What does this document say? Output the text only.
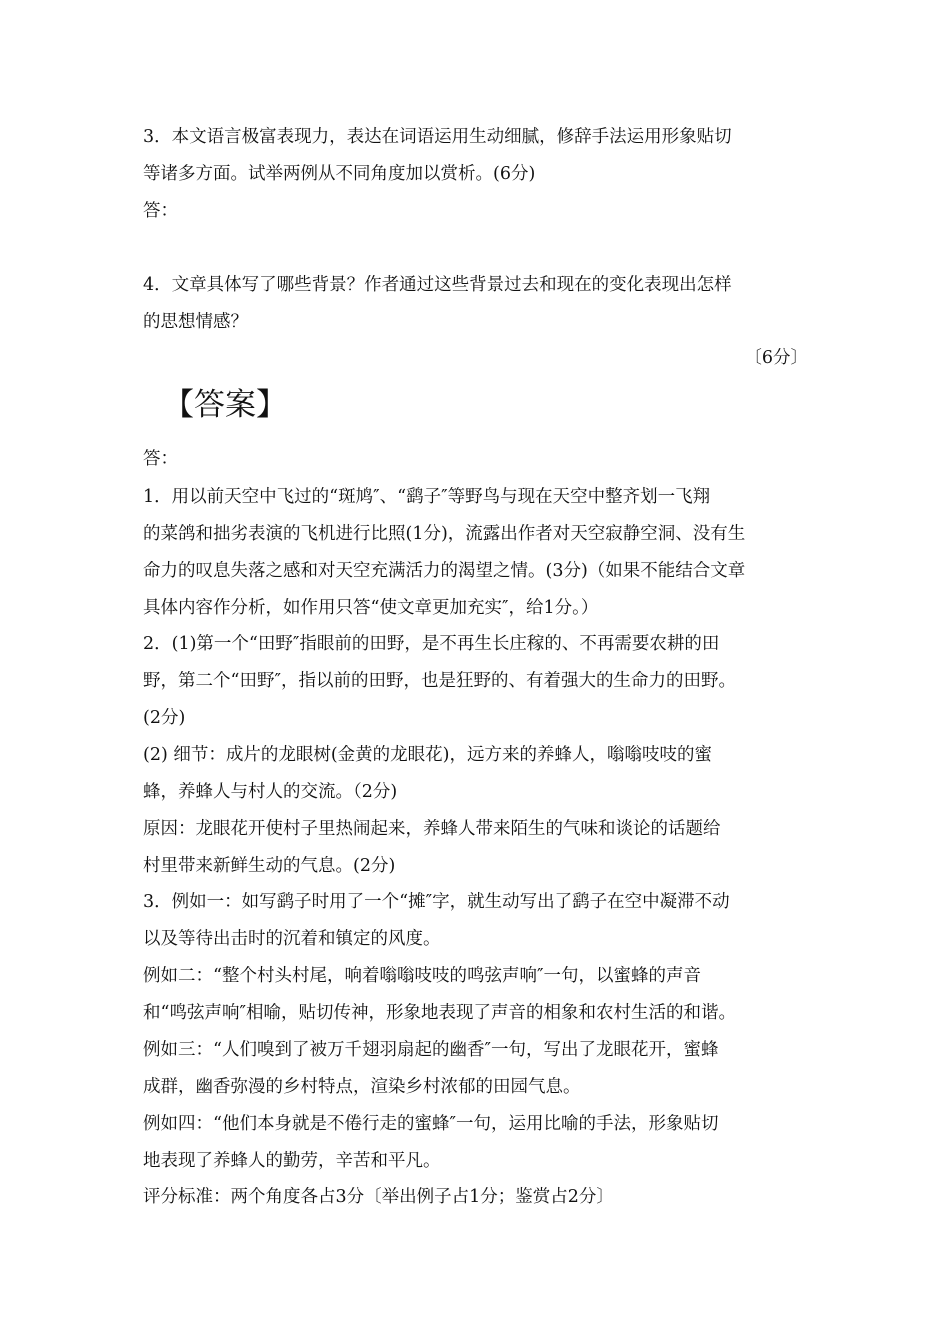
3．本文语言极富表现力，表达在词语运用生动细腻，修辞手法运用形象贴切
等诸多方面。试举两例从不同角度加以赏析。(6分)
答：
4．文章具体写了哪些背景？作者通过这些背景过去和现在的变化表现出怎样
的思想情感？
〔6分〕
【答案】
答：
1．用以前天空中飞过的“斑鸠″、“鹞子″等野鸟与现在天空中整齐划一飞翔
的菜鸽和拙劣表演的飞机进行比照(1分)，流露出作者对天空寂静空洞、没有生
命力的叹息失落之感和对天空充满活力的渴望之情。(3分)（如果不能结合文章
具体内容作分析，如作用只答“使文章更加充实″，给1分。）
2．(1)第一个“田野″指眼前的田野，是不再生长庄稼的、不再需要农耕的田
野，第二个“田野″，指以前的田野，也是狂野的、有着强大的生命力的田野。
(2分)
(2) 细节：成片的龙眼树(金黄的龙眼花)，远方来的养蜂人，嗡嗡吱吱的蜜
蜂，养蜂人与村人的交流。（2分)
原因：龙眼花开使村子里热闹起来，养蜂人带来陌生的气味和谈论的话题给
村里带来新鲜生动的气息。(2分)
3．例如一：如写鹞子时用了一个“摊″字，就生动写出了鹞子在空中凝滞不动
以及等待出击时的沉着和镇定的风度。
例如二：“整个村头村尾，响着嗡嗡吱吱的鸣弦声响″一句，以蜜蜂的声音
和“鸣弦声响″相喻，贴切传神，形象地表现了声音的相象和农村生活的和谐。
例如三：“人们嗅到了被万千翅羽扇起的幽香″一句，写出了龙眼花开，蜜蜂
成群，幽香弥漫的乡村特点，渲染乡村浓郁的田园气息。
例如四：“他们本身就是不倦行走的蜜蜂″一句，运用比喻的手法，形象贴切
地表现了养蜂人的勤劳，辛苦和平凡。
评分标准：两个角度各占3分〔举出例子占1分；鉴赏占2分〕
